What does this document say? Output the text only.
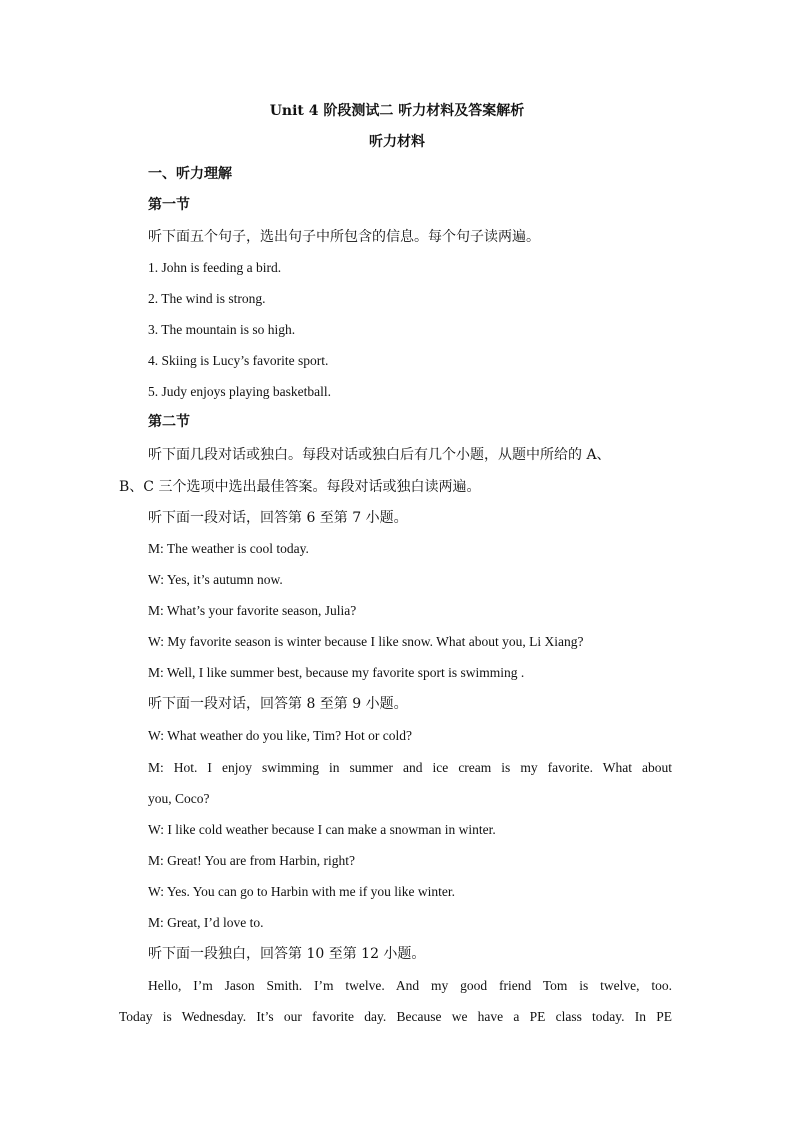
Unit 4 阶段测试二 听力材料及答案解析
听力材料
一、听力理解
第一节
听下面五个句子，选出句子中所包含的信息。每个句子读两遍。
1. John is feeding a bird.
2. The wind is strong.
3. The mountain is so high.
4. Skiing is Lucy’s favorite sport.
5. Judy enjoys playing basketball.
第二节
听下面几段对话或独白。每段对话或独白后有几个小题，从题中所给的 A、
B、C 三个选项中选出最佳答案。每段对话或独白读两遍。
听下面一段对话，回答第 6 至第 7 小题。
M: The weather is cool today.
W: Yes, it’s autumn now.
M: What’s your favorite season, Julia?
W: My favorite season is winter because I like snow. What about you, Li Xiang?
M: Well, I like summer best, because my favorite sport is swimming .
听下面一段对话，回答第 8 至第 9 小题。
W: What weather do you like, Tim? Hot or cold?
M: Hot. I enjoy swimming in summer and ice cream is my favorite. What about
you, Coco?
W: I like cold weather because I can make a snowman in winter.
M: Great! You are from Harbin, right?
W: Yes. You can go to Harbin with me if you like winter.
M: Great, I’d love to.
听下面一段独白，回答第 10 至第 12 小题。
Hello, I’m Jason Smith. I’m twelve. And my good friend Tom is twelve, too.
Today is Wednesday. It’s our favorite day. Because we have a PE class today. In PE
